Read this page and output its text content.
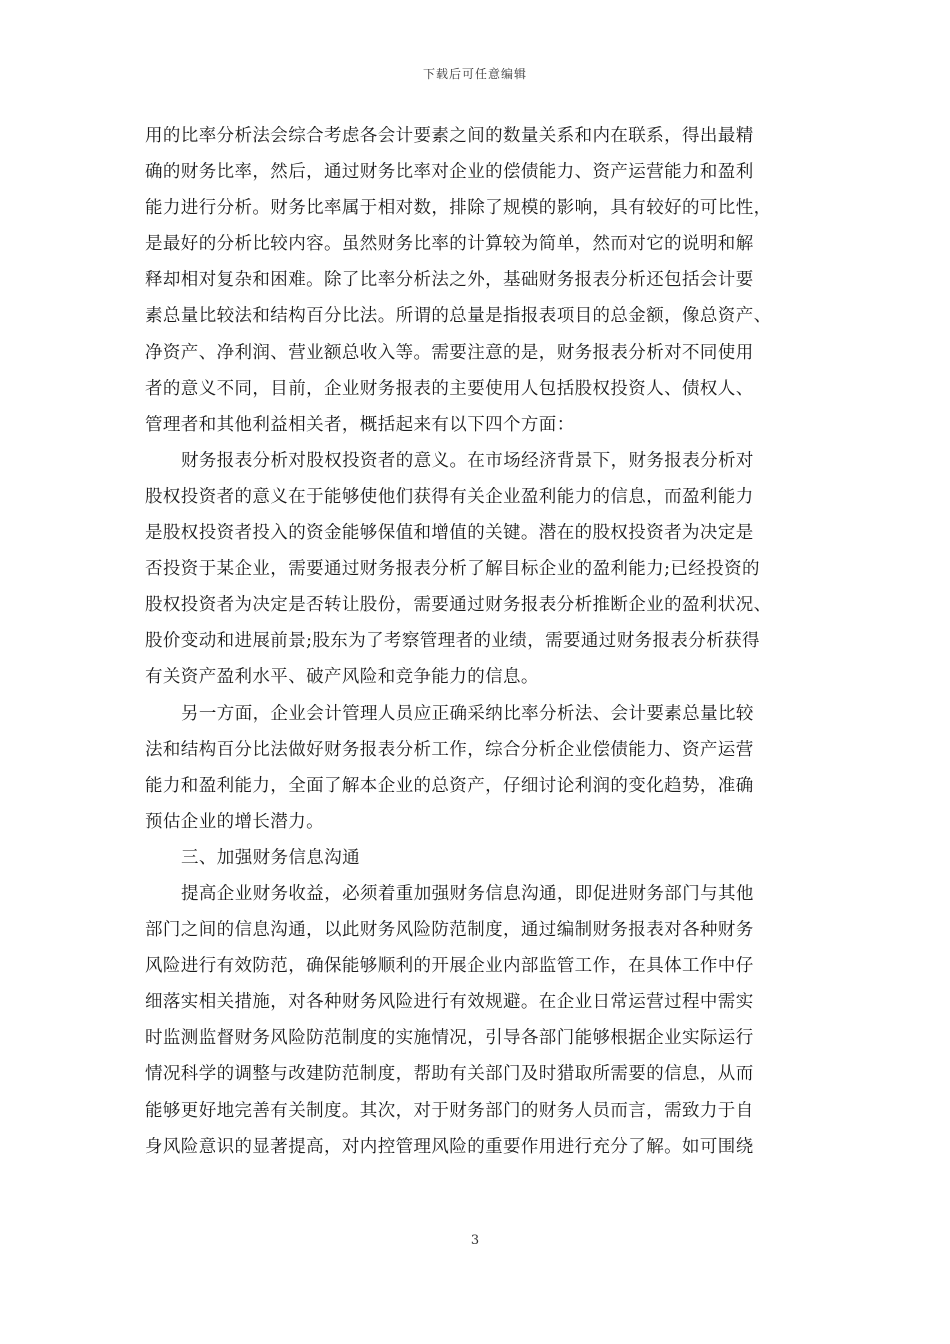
下载后可任意编辑
用的比率分析法会综合考虑各会计要素之间的数量关系和内在联系，得出最精
确的财务比率，然后，通过财务比率对企业的偿债能力、资产运营能力和盈利
能力进行分析。财务比率属于相对数，排除了规模的影响，具有较好的可比性，
是最好的分析比较内容。虽然财务比率的计算较为简单，然而对它的说明和解
释却相对复杂和困难。除了比率分析法之外，基础财务报表分析还包括会计要
素总量比较法和结构百分比法。所谓的总量是指报表项目的总金额，像总资产、
净资产、净利润、营业额总收入等。需要注意的是，财务报表分析对不同使用
者的意义不同，目前，企业财务报表的主要使用人包括股权投资人、债权人、
管理者和其他利益相关者，概括起来有以下四个方面：
财务报表分析对股权投资者的意义。在市场经济背景下，财务报表分析对
股权投资者的意义在于能够使他们获得有关企业盈利能力的信息，而盈利能力
是股权投资者投入的资金能够保值和增值的关键。潜在的股权投资者为决定是
否投资于某企业，需要通过财务报表分析了解目标企业的盈利能力;已经投资的
股权投资者为决定是否转让股份，需要通过财务报表分析推断企业的盈利状况、
股价变动和进展前景;股东为了考察管理者的业绩，需要通过财务报表分析获得
有关资产盈利水平、破产风险和竞争能力的信息。
另一方面，企业会计管理人员应正确采纳比率分析法、会计要素总量比较
法和结构百分比法做好财务报表分析工作，综合分析企业偿债能力、资产运营
能力和盈利能力，全面了解本企业的总资产，仔细讨论利润的变化趋势，准确
预估企业的增长潜力。
三、加强财务信息沟通
提高企业财务收益，必须着重加强财务信息沟通，即促进财务部门与其他
部门之间的信息沟通，以此财务风险防范制度，通过编制财务报表对各种财务
风险进行有效防范，确保能够顺利的开展企业内部监管工作，在具体工作中仔
细落实相关措施，对各种财务风险进行有效规避。在企业日常运营过程中需实
时监测监督财务风险防范制度的实施情况，引导各部门能够根据企业实际运行
情况科学的调整与改建防范制度，帮助有关部门及时猎取所需要的信息，从而
能够更好地完善有关制度。其次，对于财务部门的财务人员而言，需致力于自
身风险意识的显著提高，对内控管理风险的重要作用进行充分了解。如可围绕
3
